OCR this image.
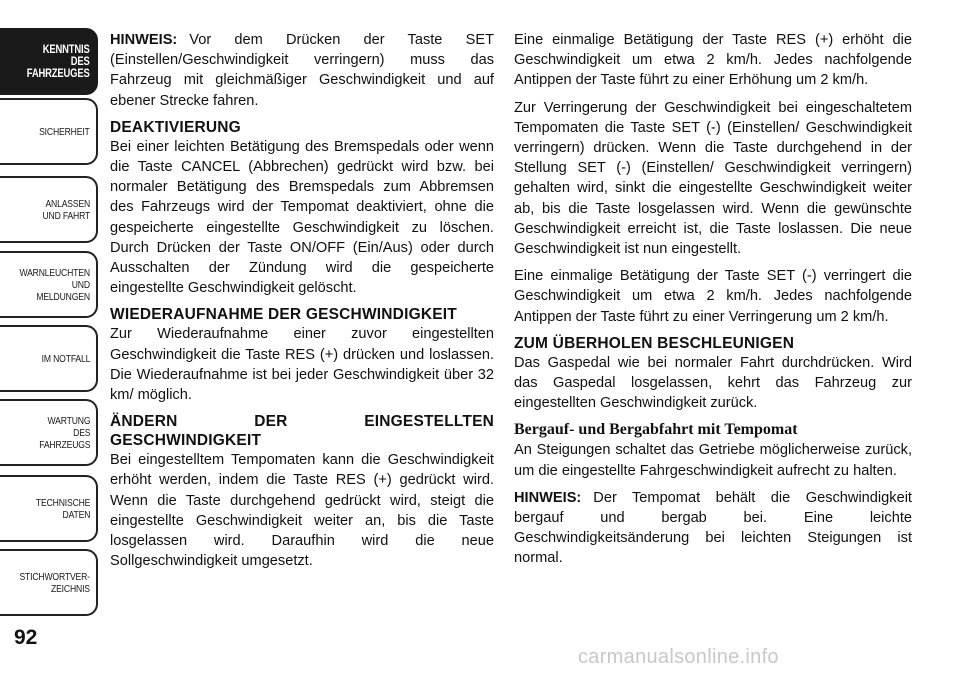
KENNTNIS
DES
FAHRZEUGES
SICHERHEIT
ANLASSEN
UND FAHRT
WARNLEUCHTEN
UND
MELDUNGEN
IM NOTFALL
WARTUNG
DES
FAHRZEUGS
TECHNISCHE
DATEN
STICHWORTVER-
ZEICHNIS
92

HINWEIS: Vor dem Drücken der Taste SET (Einstellen/Geschwindigkeit verringern) muss das Fahrzeug mit gleichmäßiger Geschwindigkeit und auf ebener Strecke fahren.

DEAKTIVIERUNG

Bei einer leichten Betätigung des Bremspedals oder wenn die Taste CANCEL (Abbrechen) gedrückt wird bzw. bei normaler Betätigung des Bremspedals zum Abbremsen des Fahrzeugs wird der Tempomat deaktiviert, ohne die gespeicherte eingestellte Geschwindigkeit zu löschen. Durch Drücken der Taste ON/OFF (Ein/Aus) oder durch Ausschalten der Zündung wird die gespeicherte eingestellte Geschwindigkeit gelöscht.

WIEDERAUFNAHME DER GESCHWINDIGKEIT

Zur Wiederaufnahme einer zuvor eingestellten Geschwindigkeit die Taste RES (+) drücken und loslassen. Die Wiederaufnahme ist bei jeder Geschwindigkeit über 32 km/ möglich.

ÄNDERN DER EINGESTELLTEN GESCHWINDIGKEIT

Bei eingestelltem Tempomaten kann die Geschwindigkeit erhöht werden, indem die Taste RES (+) gedrückt wird. Wenn die Taste durchgehend gedrückt wird, steigt die eingestellte Geschwindigkeit weiter an, bis die Taste losgelassen wird. Daraufhin wird die neue Sollgeschwindigkeit umgesetzt.

Eine einmalige Betätigung der Taste RES (+) erhöht die Geschwindigkeit um etwa 2 km/h. Jedes nachfolgende Antippen der Taste führt zu einer Erhöhung um 2 km/h.

Zur Verringerung der Geschwindigkeit bei eingeschaltetem Tempomaten die Taste SET (-) (Einstellen/ Geschwindigkeit verringern) drücken. Wenn die Taste durchgehend in der Stellung SET (-) (Einstellen/ Geschwindigkeit verringern) gehalten wird, sinkt die eingestellte Geschwindigkeit weiter ab, bis die Taste losgelassen wird. Wenn die gewünschte Geschwindigkeit erreicht ist, die Taste loslassen. Die neue Geschwindigkeit ist nun eingestellt.

Eine einmalige Betätigung der Taste SET (-) verringert die Geschwindigkeit um etwa 2 km/h. Jedes nachfolgende Antippen der Taste führt zu einer Verringerung um 2 km/h.

ZUM ÜBERHOLEN BESCHLEUNIGEN

Das Gaspedal wie bei normaler Fahrt durchdrücken. Wird das Gaspedal losgelassen, kehrt das Fahrzeug zur eingestellten Geschwindigkeit zurück.

Bergauf- und Bergabfahrt mit Tempomat

An Steigungen schaltet das Getriebe möglicherweise zurück, um die eingestellte Fahrgeschwindigkeit aufrecht zu halten.

HINWEIS: Der Tempomat behält die Geschwindigkeit bergauf und bergab bei. Eine leichte Geschwindigkeitsänderung bei leichten Steigungen ist normal.

carmanualsonline.info
